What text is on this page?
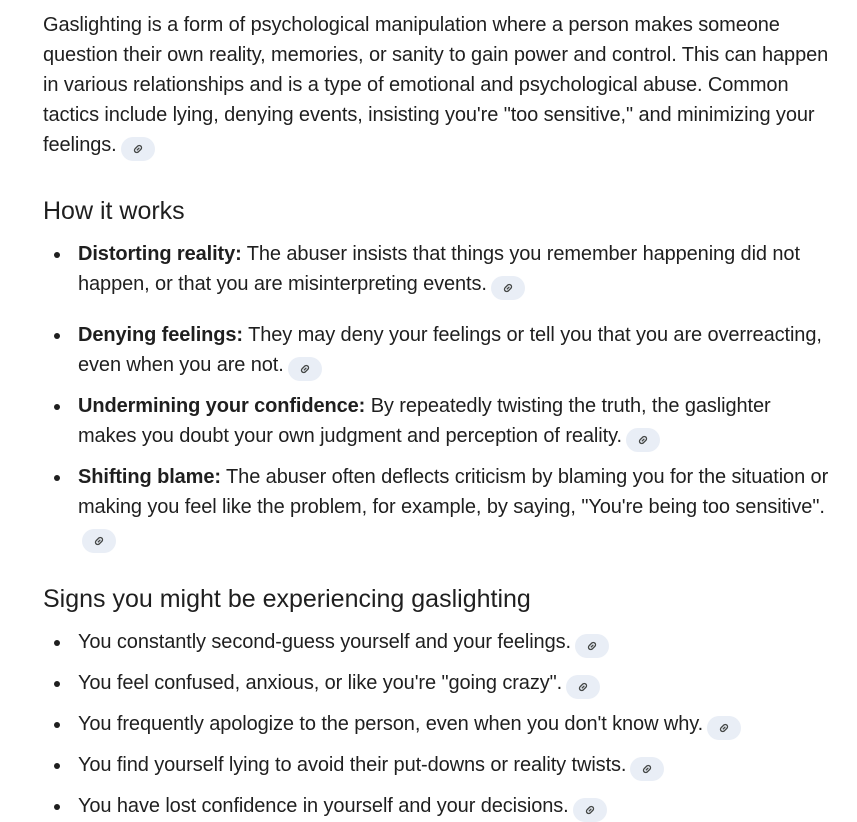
Gaslighting is a form of psychological manipulation where a person makes someone question their own reality, memories, or sanity to gain power and control. This can happen in various relationships and is a type of emotional and psychological abuse. Common tactics include lying, denying events, insisting you're "too sensitive," and minimizing your feelings.

How it works
Distorting reality: The abuser insists that things you remember happening did not happen, or that you are misinterpreting events.
Denying feelings: They may deny your feelings or tell you that you are overreacting, even when you are not.
Undermining your confidence: By repeatedly twisting the truth, the gaslighter makes you doubt your own judgment and perception of reality.
Shifting blame: The abuser often deflects criticism by blaming you for the situation or making you feel like the problem, for example, by saying, "You're being too sensitive".
Signs you might be experiencing gaslighting
You constantly second-guess yourself and your feelings.
You feel confused, anxious, or like you're "going crazy".
You frequently apologize to the person, even when you don't know why.
You find yourself lying to avoid their put-downs or reality twists.
You have lost confidence in yourself and your decisions.
